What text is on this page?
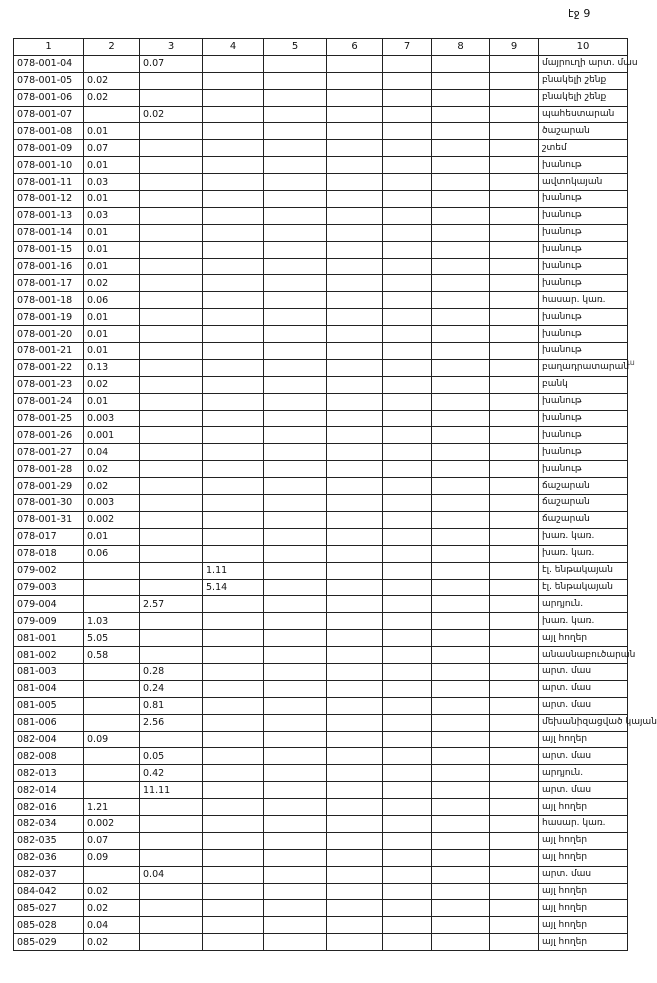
էջ 9
ա
1	2	3	4	5	6	7	8	9	10
078-001-04		0.07							մայրուղի արտ. մաս
078-001-05	0.02								բնակելի շենք
078-001-06	0.02								բնակելի շենք
078-001-07		0.02							պահեստարան
078-001-08	0.01								ծաշարան
078-001-09	0.07								շտեմ
078-001-10	0.01								խանութ
078-001-11	0.03								ավտոկայան
078-001-12	0.01								խանութ
078-001-13	0.03								խանութ
078-001-14	0.01								խանութ
078-001-15	0.01								խանութ
078-001-16	0.01								խանութ
078-001-17	0.02								խանութ
078-001-18	0.06								հասար. կառ.
078-001-19	0.01								խանութ
078-001-20	0.01								խանութ
078-001-21	0.01								խանութ
078-001-22	0.13								բաղադրատարան
078-001-23	0.02								բանկ
078-001-24	0.01								խանութ
078-001-25	0.003								խանութ
078-001-26	0.001								խանութ
078-001-27	0.04								խանութ
078-001-28	0.02								խանութ
078-001-29	0.02								ճաշարան
078-001-30	0.003								ճաշարան
078-001-31	0.002								ճաշարան
078-017	0.01								խառ. կառ.
078-018	0.06								խառ. կառ.
079-002			1.11						էլ. ենթակայան
079-003			5.14						էլ. ենթակայան
079-004		2.57							արդյուն.
079-009	1.03								խառ. կառ.
081-001	5.05								այլ հողեր
081-002	0.58								անասնաբուծարան
081-003		0.28							արտ. մաս
081-004		0.24							արտ. մաս
081-005		0.81							արտ. մաս
081-006		2.56							մեխանիզացված կայան
082-004	0.09								այլ հողեր
082-008		0.05							արտ. մաս
082-013		0.42							արդյուն.
082-014		11.11							արտ. մաս
082-016	1.21								այլ հողեր
082-034	0.002								հասար. կառ.
082-035	0.07								այլ հողեր
082-036	0.09								այլ հողեր
082-037		0.04							արտ. մաս
084-042	0.02								այլ հողեր
085-027	0.02								այլ հողեր
085-028	0.04								այլ հողեր
085-029	0.02								այլ հողեր
